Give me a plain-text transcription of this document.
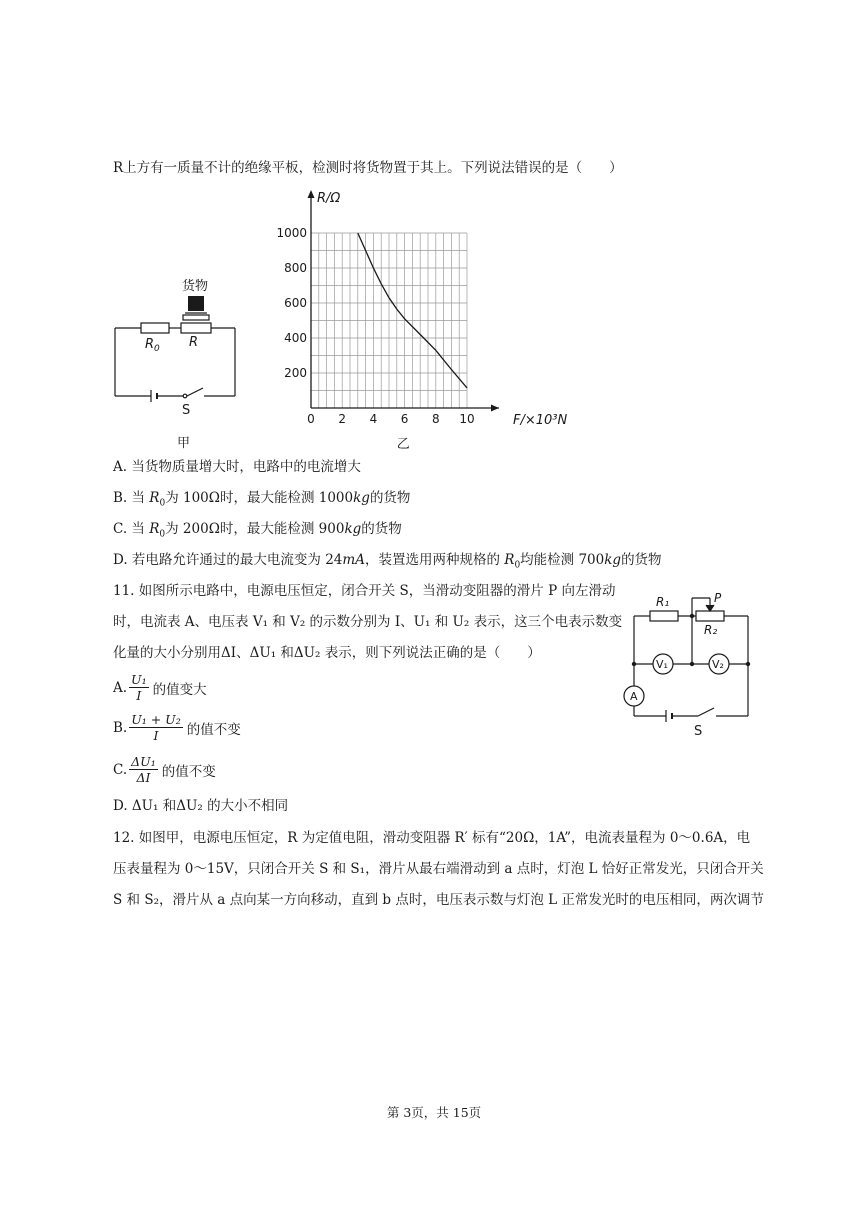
R上方有一质量不计的绝缘平板，检测时将货物置于其上。下列说法错误的是（　　）
货物
$R_0$ R
S
甲
0 2 4 6 8 10
200
400
600
800
1000
R/Ω
F/×10³N
乙
A. 当货物质量增大时，电路中的电流增大
B. 当 $R_0$为 100Ω时，最大能检测 1000kg的货物
C. 当 $R_0$为 200Ω时，最大能检测 900kg的货物
D. 若电路允许通过的最大电流变为 24mA，装置选用两种规格的 $R_0$均能检测 700kg的货物
11. 如图所示电路中，电源电压恒定，闭合开关 S，当滑动变阻器的滑片 P 向左滑动
时，电流表 A、电压表 V₁ 和 V₂ 的示数分别为 I、U₁ 和 U₂ 表示，这三个电表示数变
化量的大小分别用ΔI、ΔU₁ 和ΔU₂ 表示，则下列说法正确的是（　　）
A. $\frac{\text{U₁}}{I}$ 的值变大
B. $\frac{\text{U₁ + U₂}}{I}$ 的值不变
C. $\frac{\text{ΔU₁}}{\Delta I}$ 的值不变
D. ΔU₁ 和ΔU₂ 的大小不相同
R₁	P
R₂
V₁	V₂
A
S
12. 如图甲，电源电压恒定，R 为定值电阻，滑动变阻器 R′ 标有“20Ω，1A”，电流表量程为 0～0.6A，电
压表量程为 0～15V，只闭合开关 S 和 S₁，滑片从最右端滑动到 a 点时，灯泡 L 恰好正常发光，只闭合开关
S 和 S₂，滑片从 a 点向某一方向移动，直到 b 点时，电压表示数与灯泡 L 正常发光时的电压相同，两次调节
第 3页，共 15页
